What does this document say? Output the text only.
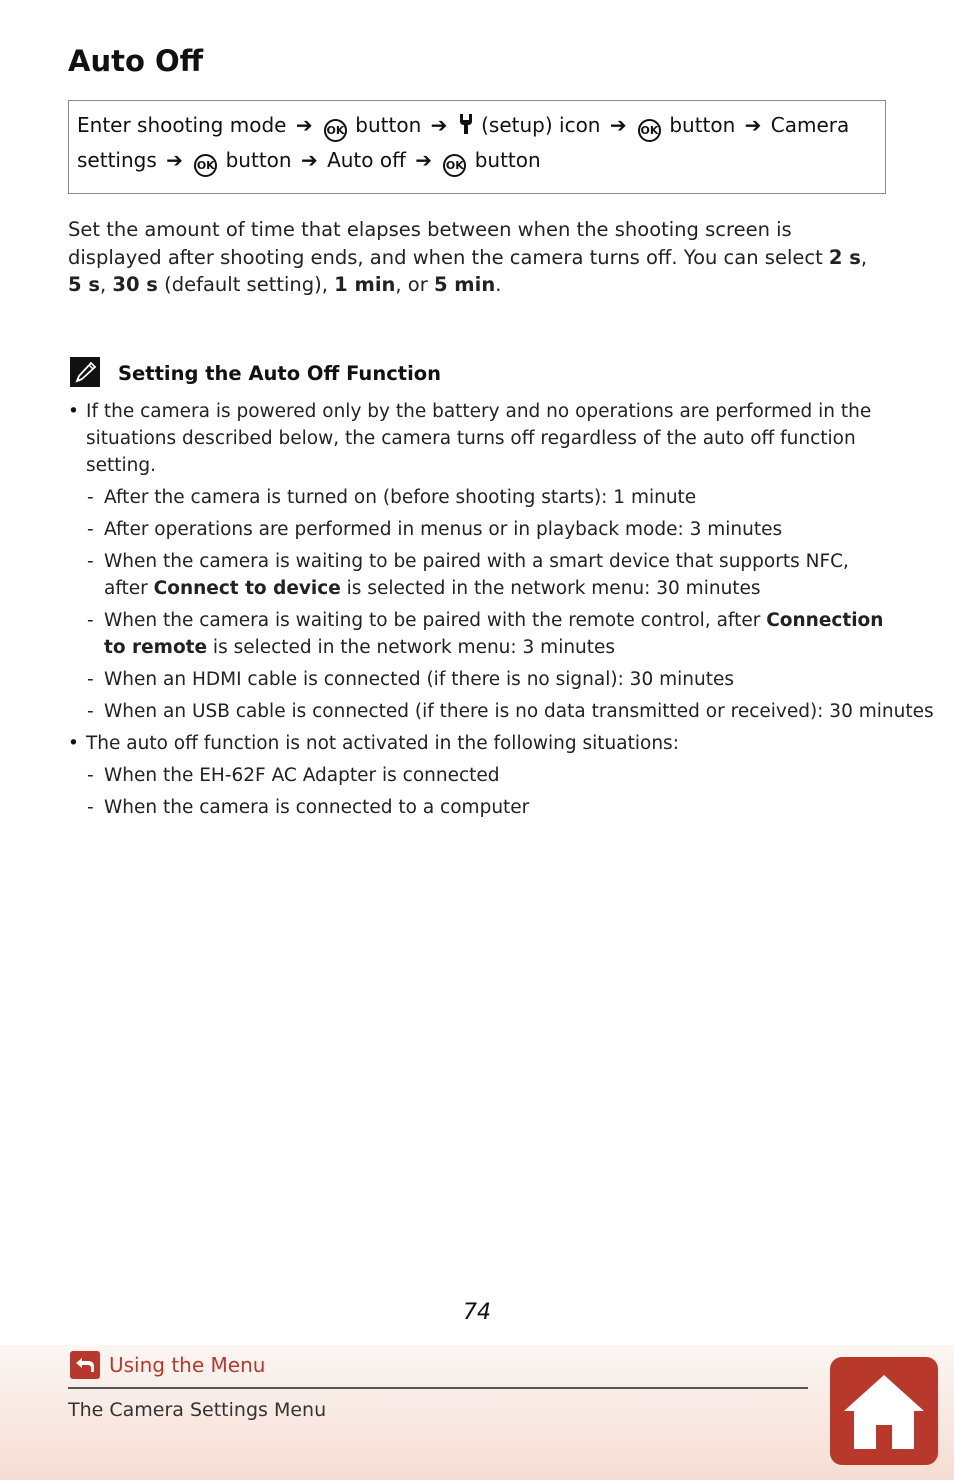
Auto Off
Enter shooting mode ➔ OK button ➔ (setup) icon ➔ OK button ➔ Camera
settings ➔ OK button ➔ Auto off ➔ OK button

Set the amount of time that elapses between when the shooting screen is displayed after shooting ends, and when the camera turns off. You can select 2 s, 5 s, 30 s (default setting), 1 min, or 5 min.

Setting the Auto Off Function
• If the camera is powered only by the battery and no operations are performed in the situations described below, the camera turns off regardless of the auto off function setting.
- After the camera is turned on (before shooting starts): 1 minute
- After operations are performed in menus or in playback mode: 3 minutes
- When the camera is waiting to be paired with a smart device that supports NFC, after Connect to device is selected in the network menu: 30 minutes
- When the camera is waiting to be paired with the remote control, after Connection to remote is selected in the network menu: 3 minutes
- When an HDMI cable is connected (if there is no signal): 30 minutes
- When an USB cable is connected (if there is no data transmitted or received): 30 minutes
• The auto off function is not activated in the following situations:
- When the EH-62F AC Adapter is connected
- When the camera is connected to a computer
74
Using the Menu
The Camera Settings Menu
